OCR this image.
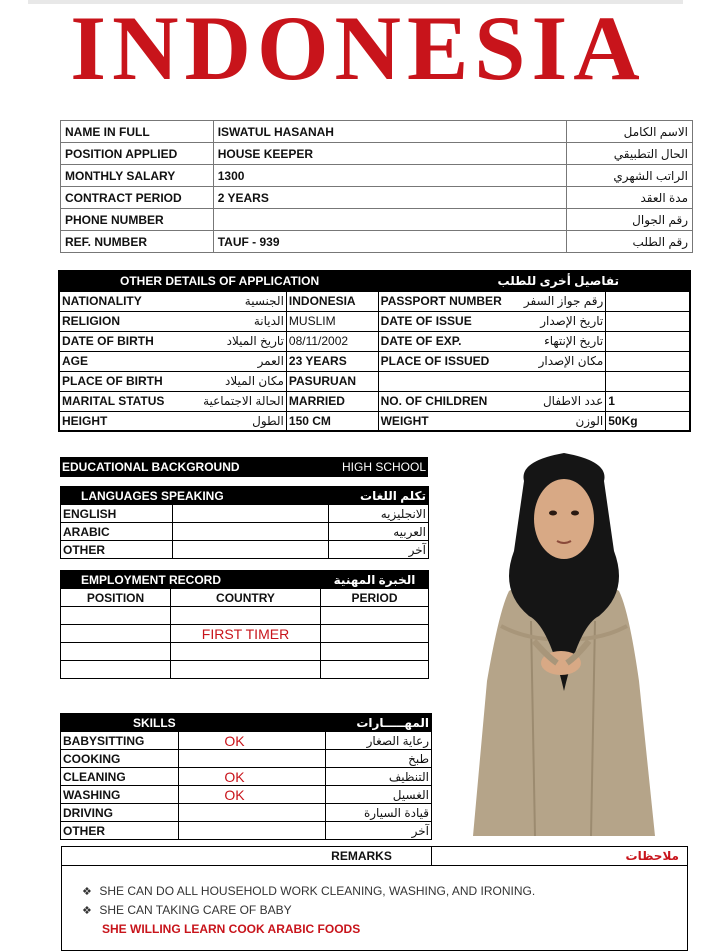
INDONESIA
NAME IN FULL	ISWATUL HASANAH	الاسم الكامل
POSITION APPLIED	HOUSE KEEPER	الحال التطبيقي
MONTHLY SALARY	1300	الراتب الشهري
CONTRACT PERIOD	2 YEARS	مدة العقد
PHONE NUMBER		رقم الجوال
REF. NUMBER	TAUF - 939	رقم الطلب
OTHER DETAILS OF APPLICATION		تفاصيل أخرى للطلب	

NATIONALITY الجنسية	INDONESIA	PASSPORT NUMBER رقم جواز السفر	

RELIGION الديانة	MUSLIM	DATE OF ISSUE تاريخ الإصدار	

DATE OF BIRTH تاريخ الميلاد	08/11/2002	DATE OF EXP. تاريخ الإنتهاء	

AGE العمر	23 YEARS	PLACE OF ISSUED مكان الإصدار	

PLACE OF BIRTH مكان الميلاد	PASURUAN	

MARITAL STATUS الحالة الاجتماعية	MARRIED	NO. OF CHILDREN عدد الاطفال	1

HEIGHT الطول	150 CM	WEIGHT الوزن	50Kg
EDUCATIONAL BACKGROUND	HIGH SCHOOL
LANGUAGES SPEAKING		تكلم اللغات
ENGLISH		الانجليزيه
ARABIC		العربيه
OTHER		آخر
EMPLOYMENT RECORD		الخبرة المهنية
POSITION	COUNTRY	PERIOD

	FIRST TIMER	

SKILLS		المهـــــارات
BABYSITTING	OK	رعاية الصغار
COOKING		طبخ
CLEANING	OK	التنظيف
WASHING	OK	الغسيل
DRIVING		قيادة السيارة
OTHER		آخر
REMARKS	ملاحظات
❖ SHE CAN DO ALL HOUSEHOLD WORK CLEANING, WASHING, AND IRONING.
❖ SHE CAN TAKING CARE OF BABY
SHE WILLING LEARN COOK ARABIC FOODS
